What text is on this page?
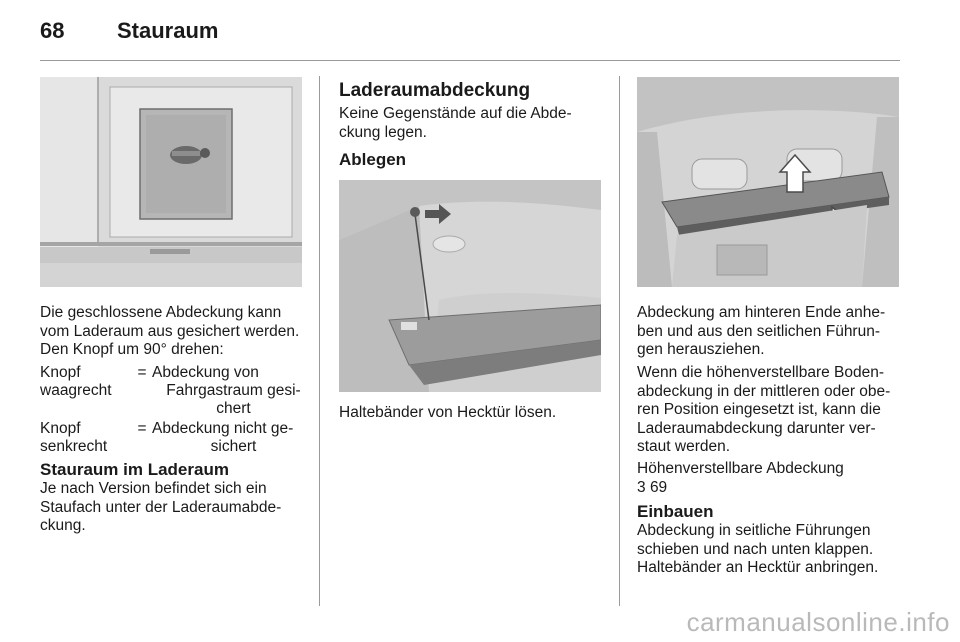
68 Stauraum

Die geschlossene Abdeckung kann

vom Laderaum aus gesichert werden.

Den Knopf um 90° drehen:

Knopf
waagrecht
= Abdeckung von
Fahrgastraum gesi-
chert
Knopf
senkrecht
= Abdeckung nicht ge-
sichert
Stauraum im Laderaum

Je nach Version befindet sich ein

Staufach unter der Laderaumabde-

ckung.

Laderaumabdeckung

Keine Gegenstände auf die Abde-

ckung legen.

Ablegen
Haltebänder von Hecktür lösen.

Abdeckung am hinteren Ende anhe-

ben und aus den seitlichen Führun-

gen herausziehen.

Wenn die höhenverstellbare Boden-

abdeckung in der mittleren oder obe-

ren Position eingesetzt ist, kann die

Laderaumabdeckung darunter ver-

staut werden.

Höhenverstellbare Abdeckung

3 69

Einbauen

Abdeckung in seitliche Führungen

schieben und nach unten klappen.

Haltebänder an Hecktür anbringen.

carmanualsonline.info
